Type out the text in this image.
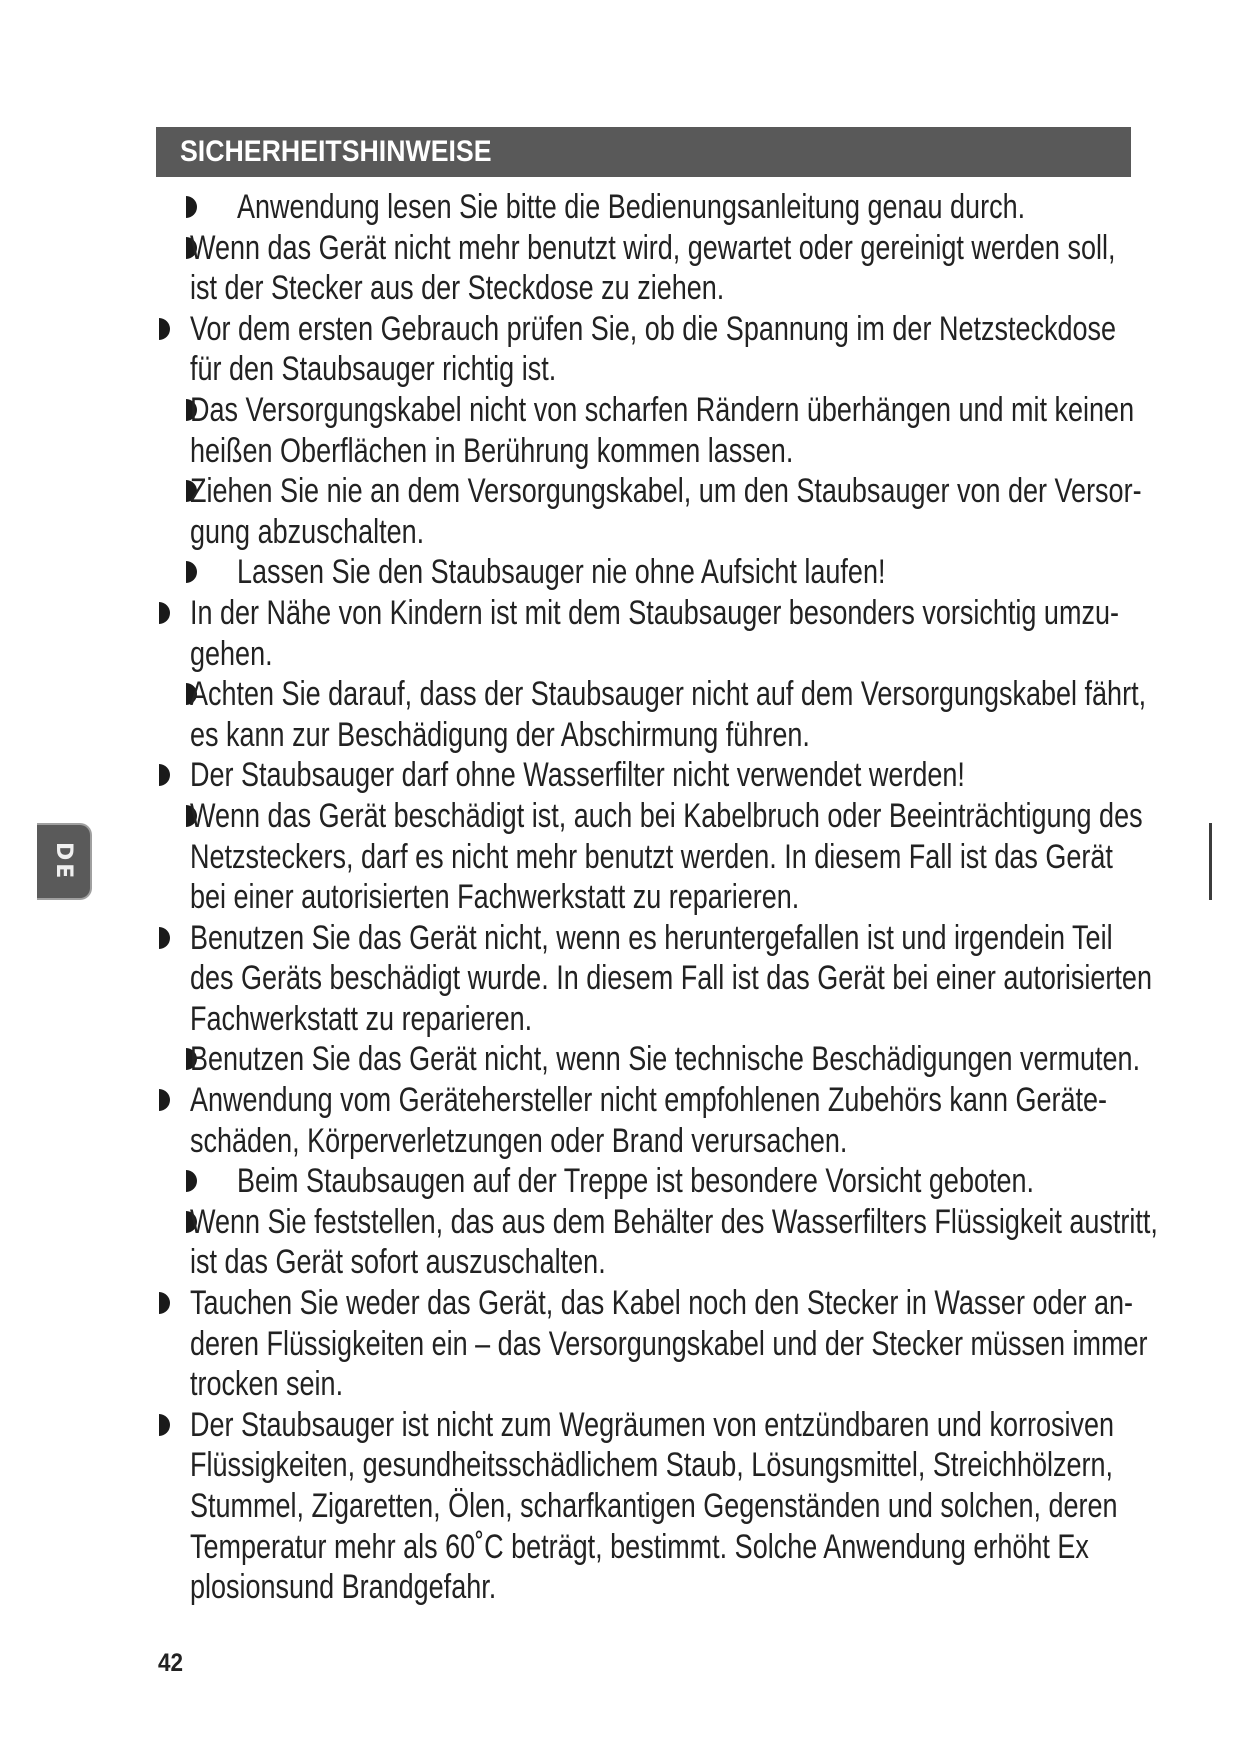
SICHERHEITSHINWEISE
Anwendung lesen Sie bitte die Bedienungsanleitung genau durch.
Wenn das Gerät nicht mehr benutzt wird, gewartet oder gereinigt werden soll,
ist der Stecker aus der Steckdose zu ziehen.
Vor dem ersten Gebrauch prüfen Sie, ob die Spannung im der Netzsteckdose
für den Staubsauger richtig ist.
Das Versorgungskabel nicht von scharfen Rändern überhängen und mit keinen
heißen Oberflächen in Berührung kommen lassen.
Ziehen Sie nie an dem Versorgungskabel, um den Staubsauger von der Versor-
gung abzuschalten.
Lassen Sie den Staubsauger nie ohne Aufsicht laufen!
In der Nähe von Kindern ist mit dem Staubsauger besonders vorsichtig umzu-
gehen.
Achten Sie darauf, dass der Staubsauger nicht auf dem Versorgungskabel fährt,
es kann zur Beschädigung der Abschirmung führen.
Der Staubsauger darf ohne Wasserfilter nicht verwendet werden!
Wenn das Gerät beschädigt ist, auch bei Kabelbruch oder Beeinträchtigung des
Netzsteckers, darf es nicht mehr benutzt werden. In diesem Fall ist das Gerät
bei einer autorisierten Fachwerkstatt zu reparieren.
Benutzen Sie das Gerät nicht, wenn es heruntergefallen ist und irgendein Teil
des Geräts beschädigt wurde. In diesem Fall ist das Gerät bei einer autorisierten
Fachwerkstatt zu reparieren.
Benutzen Sie das Gerät nicht, wenn Sie technische Beschädigungen vermuten.
Anwendung vom Gerätehersteller nicht empfohlenen Zubehörs kann Geräte-
schäden, Körperverletzungen oder Brand verursachen.
Beim Staubsaugen auf der Treppe ist besondere Vorsicht geboten.
Wenn Sie feststellen, das aus dem Behälter des Wasserfilters Flüssigkeit austritt,
ist das Gerät sofort auszuschalten.
Tauchen Sie weder das Gerät, das Kabel noch den Stecker in Wasser oder an-
deren Flüssigkeiten ein – das Versorgungskabel und der Stecker müssen immer
trocken sein.
Der Staubsauger ist nicht zum Wegräumen von entzündbaren und korrosiven
Flüssigkeiten, gesundheitsschädlichem Staub, Lösungsmittel, Streichhölzern,
Stummel, Zigaretten, Ölen, scharfkantigen Gegenständen und solchen, deren
Temperatur mehr als 60˚C beträgt, bestimmt. Solche Anwendung erhöht Ex
plosionsund Brandgefahr.
DE
42
